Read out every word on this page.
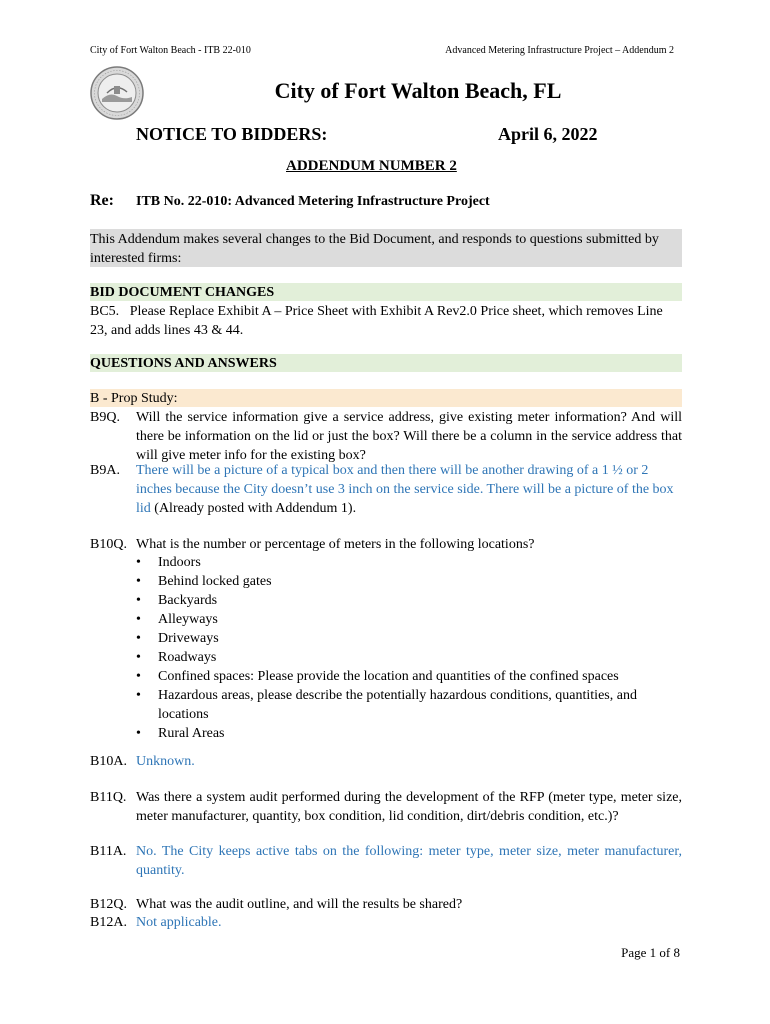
City of Fort Walton Beach - ITB 22-010	Advanced Metering Infrastructure Project – Addendum 2
City of Fort Walton Beach, FL
NOTICE TO BIDDERS:	April 6, 2022
ADDENDUM NUMBER 2
Re: ITB No. 22-010: Advanced Metering Infrastructure Project
This Addendum makes several changes to the Bid Document, and responds to questions submitted by interested firms:
BID DOCUMENT CHANGES
BC5. Please Replace Exhibit A – Price Sheet with Exhibit A Rev2.0 Price sheet, which removes Line 23, and adds lines 43 & 44.
QUESTIONS AND ANSWERS
B - Prop Study:
B9Q. Will the service information give a service address, give existing meter information? And will there be information on the lid or just the box? Will there be a column in the service address that will give meter info for the existing box?
B9A. There will be a picture of a typical box and then there will be another drawing of a 1 ½ or 2 inches because the City doesn’t use 3 inch on the service side. There will be a picture of the box lid (Already posted with Addendum 1).
B10Q. What is the number or percentage of meters in the following locations?
• Indoors
• Behind locked gates
• Backyards
• Alleyways
• Driveways
• Roadways
• Confined spaces: Please provide the location and quantities of the confined spaces
• Hazardous areas, please describe the potentially hazardous conditions, quantities, and locations
• Rural Areas
B10A. Unknown.
B11Q. Was there a system audit performed during the development of the RFP (meter type, meter size, meter manufacturer, quantity, box condition, lid condition, dirt/debris condition, etc.)?
B11A. No. The City keeps active tabs on the following: meter type, meter size, meter manufacturer, quantity.
B12Q. What was the audit outline, and will the results be shared?
B12A. Not applicable.
Page 1 of 8
